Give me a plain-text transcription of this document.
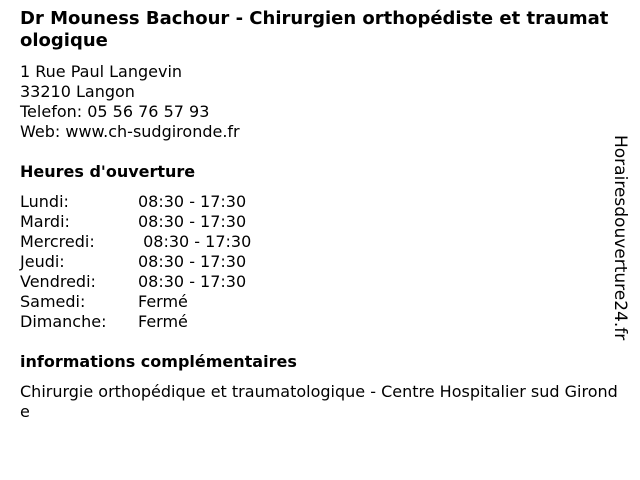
Dr Mouness Bachour - Chirurgien orthopédiste et traumatologique
1 Rue Paul Langevin
33210 Langon
Telefon: 05 56 76 57 93
Web: www.ch-sudgironde.fr
Heures d'ouverture
Lundi:	08:30 - 17:30
Mardi:	08:30 - 17:30
Mercredi:	08:30 - 17:30
Jeudi:	08:30 - 17:30
Vendredi:	08:30 - 17:30
Samedi:	Fermé
Dimanche:	Fermé
informations complémentaires
Chirurgie orthopédique et traumatologique - Centre Hospitalier sud Gironde
Horairesdouverture24.fr
